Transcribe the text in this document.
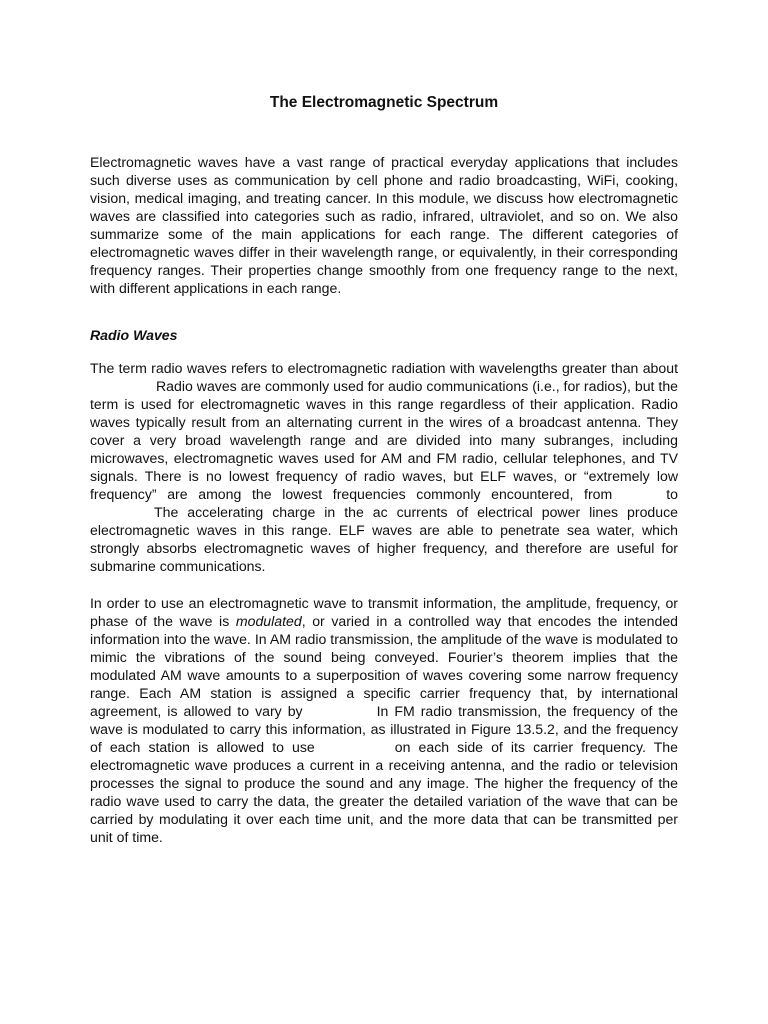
The Electromagnetic Spectrum

Electromagnetic waves have a vast range of practical everyday applications that includes such diverse uses as communication by cell phone and radio broadcasting, WiFi, cooking, vision, medical imaging, and treating cancer. In this module, we discuss how electromagnetic waves are classified into categories such as radio, infrared, ultraviolet, and so on. We also summarize some of the main applications for each range. The different categories of electromagnetic waves differ in their wavelength range, or equivalently, in their corresponding frequency ranges. Their properties change smoothly from one frequency range to the next, with different applications in each range.

Radio Waves

The term radio waves refers to electromagnetic radiation with wavelengths greater than aboutRadio waves are commonly used for audio communications (i.e., for radios), but the term is used for electromagnetic waves in this range regardless of their application. Radio waves typically result from an alternating current in the wires of a broadcast antenna. They cover a very broad wavelength range and are divided into many subranges, including microwaves, electromagnetic waves used for AM and FM radio, cellular telephones, and TV signals. There is no lowest frequency of radio waves, but ELF waves, or “extremely low frequency” are among the lowest frequencies commonly encountered, from	toThe accelerating charge in the ac currents of electrical power lines produce electromagnetic waves in this range. ELF waves are able to penetrate sea water, which strongly absorbs electromagnetic waves of higher frequency, and therefore are useful for submarine communications.

In order to use an electromagnetic wave to transmit information, the amplitude, frequency, or phase of the wave is modulated, or varied in a controlled way that encodes the intended information into the wave. In AM radio transmission, the amplitude of the wave is modulated to mimic the vibrations of the sound being conveyed. Fourier’s theorem implies that the modulated AM wave amounts to a superposition of waves covering some narrow frequency range. Each AM station is assigned a specific carrier frequency that, by international agreement, is allowed to vary by	In FM radio transmission, the frequency of the wave is modulated to carry this information, as illustrated in Figure 13.5.2, and the frequency of each station is allowed to use	on each side of its carrier frequency. The electromagnetic wave produces a current in a receiving antenna, and the radio or television processes the signal to produce the sound and any image. The higher the frequency of the radio wave used to carry the data, the greater the detailed variation of the wave that can be carried by modulating it over each time unit, and the more data that can be transmitted per unit of time.
